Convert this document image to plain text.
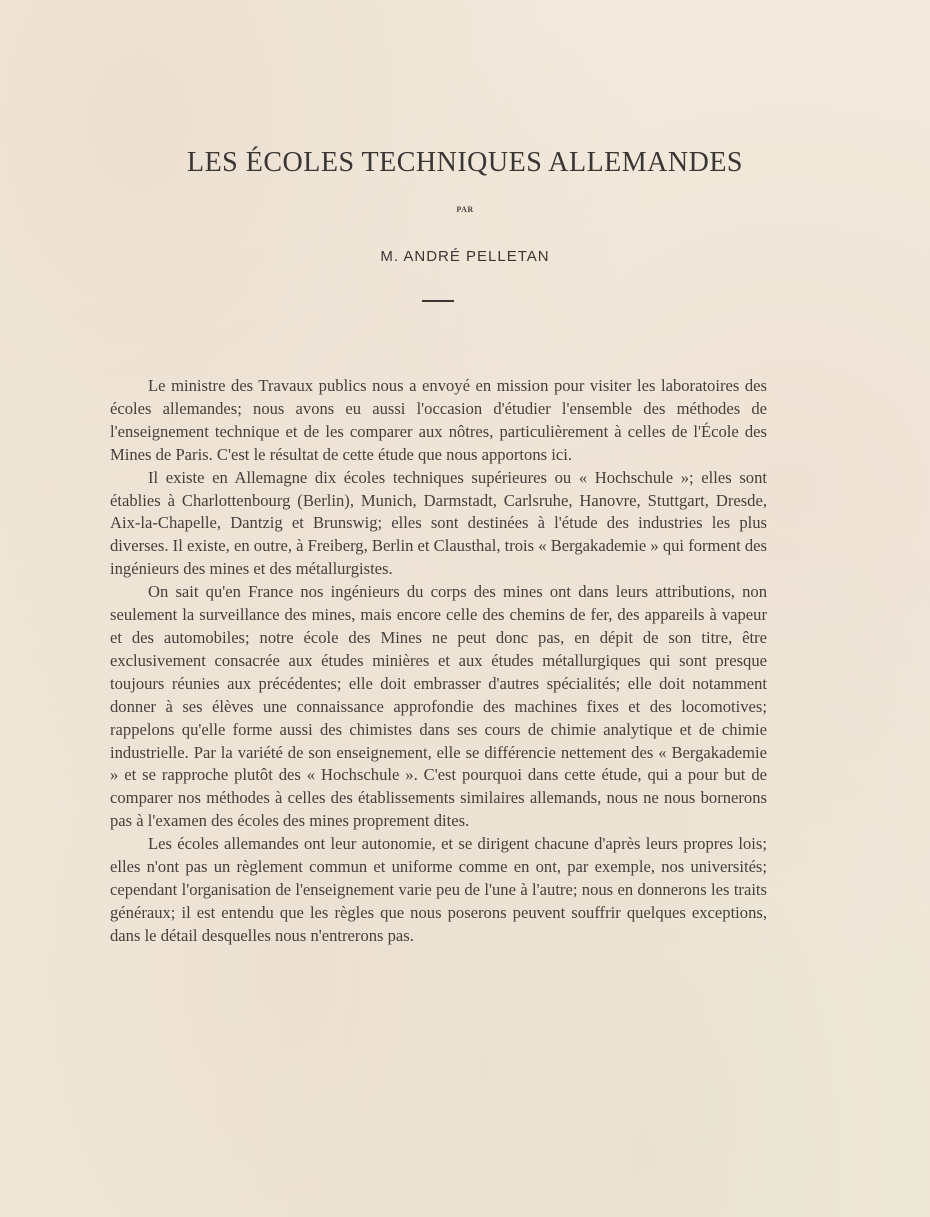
LES ÉCOLES TECHNIQUES ALLEMANDES
PAR
M. ANDRÉ PELLETAN

Le ministre des Travaux publics nous a envoyé en mission pour visiter les laboratoires des écoles allemandes; nous avons eu aussi l'occasion d'étudier l'ensemble des méthodes de l'enseignement technique et de les comparer aux nôtres, particulièrement à celles de l'École des Mines de Paris. C'est le résultat de cette étude que nous apportons ici.

Il existe en Allemagne dix écoles techniques supérieures ou « Hochschule »; elles sont établies à Charlottenbourg (Berlin), Munich, Darmstadt, Carlsruhe, Hanovre, Stuttgart, Dresde, Aix-la-Chapelle, Dantzig et Brunswig; elles sont destinées à l'étude des industries les plus diverses. Il existe, en outre, à Freiberg, Berlin et Clausthal, trois « Bergakademie » qui forment des ingénieurs des mines et des métallurgistes.

On sait qu'en France nos ingénieurs du corps des mines ont dans leurs attributions, non seulement la surveillance des mines, mais encore celle des chemins de fer, des appareils à vapeur et des automobiles; notre école des Mines ne peut donc pas, en dépit de son titre, être exclusivement consacrée aux études minières et aux études métallurgiques qui sont presque toujours réunies aux précédentes; elle doit embrasser d'autres spécialités; elle doit notamment donner à ses élèves une connaissance approfondie des machines fixes et des locomotives; rappelons qu'elle forme aussi des chimistes dans ses cours de chimie analytique et de chimie industrielle. Par la variété de son enseignement, elle se différencie nettement des « Bergakademie » et se rapproche plutôt des « Hochschule ». C'est pourquoi dans cette étude, qui a pour but de comparer nos méthodes à celles des établissements similaires allemands, nous ne nous bornerons pas à l'examen des écoles des mines proprement dites.

Les écoles allemandes ont leur autonomie, et se dirigent chacune d'après leurs propres lois; elles n'ont pas un règlement commun et uniforme comme en ont, par exemple, nos universités; cependant l'organisation de l'enseignement varie peu de l'une à l'autre; nous en donnerons les traits généraux; il est entendu que les règles que nous poserons peuvent souffrir quelques exceptions, dans le détail desquelles nous n'entrerons pas.
